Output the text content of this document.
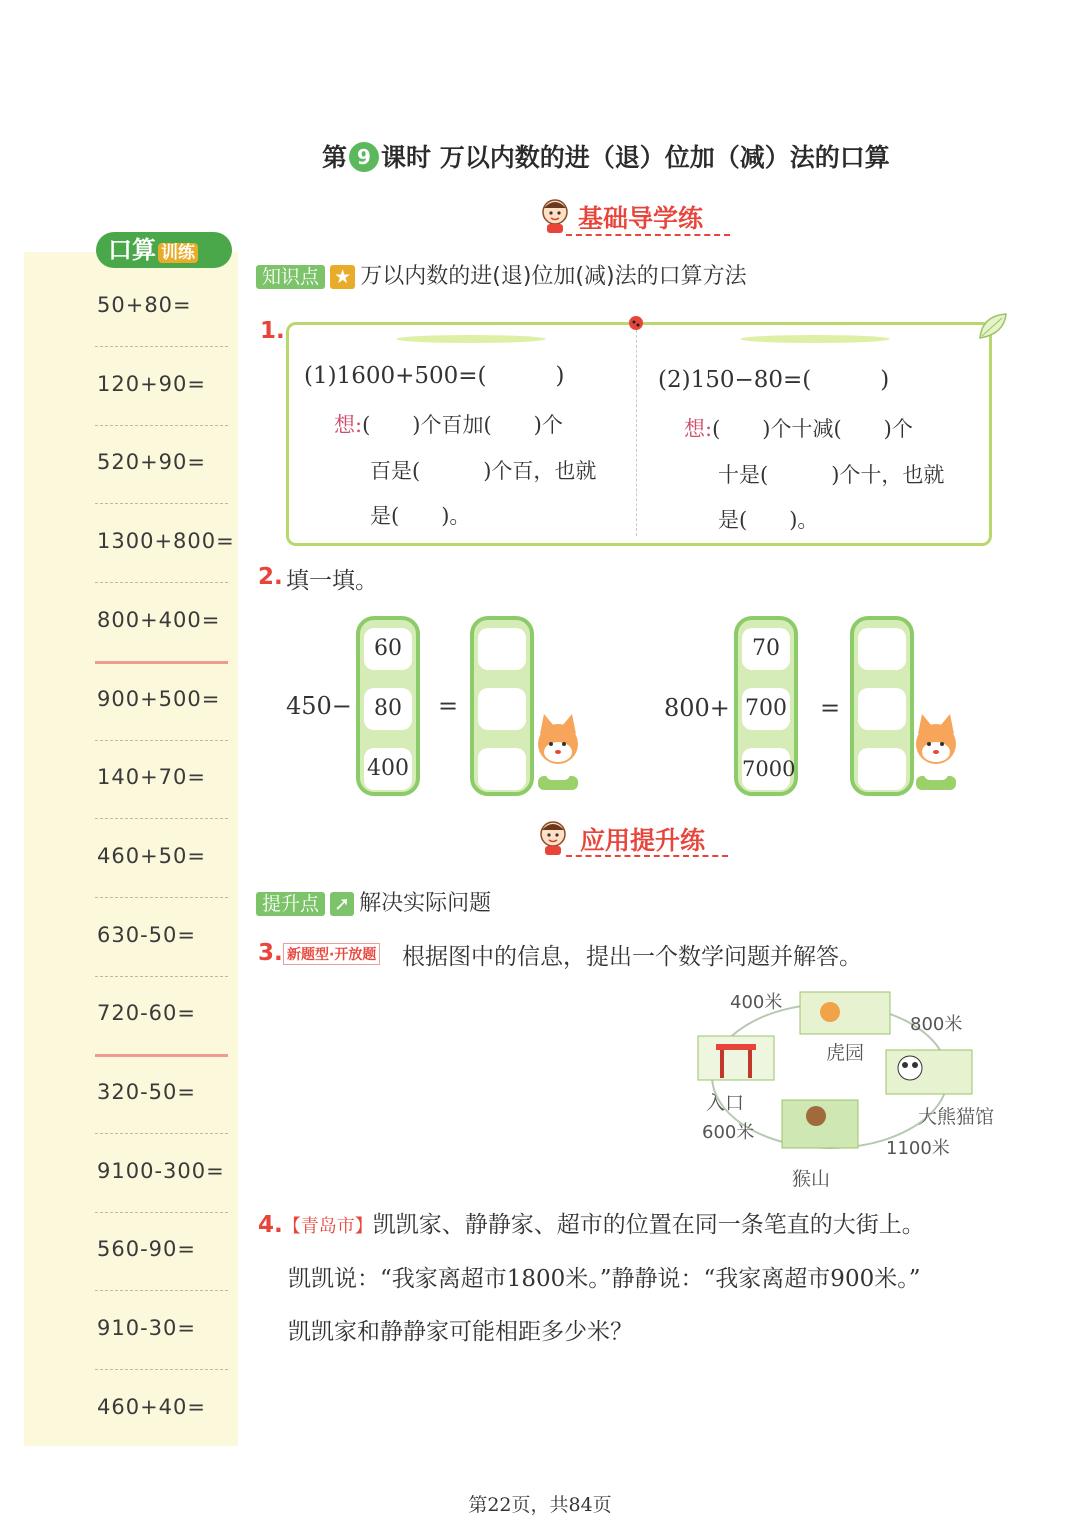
第 9 课时 万以内数的进（退）位加（减）法的口算
基础导学练
口算 训练
50+80=
120+90=
520+90=
1300+800=
800+400=
900+500=
140+70=
460+50=
630-50=
720-60=
320-50=
9100-300=
560-90=
910-30=
460+40=
知识点 ★ 万以内数的进(退)位加(减)法的口算方法
1.
(1)1600+500=(　　　)
想:(　　)个百加(　　)个
百是(　　　)个百，也就
是(　　)。
(2)150−80=(　　　)
想:(　　)个十减(　　)个
十是(　　　)个十，也就
是(　　)。
2. 填一填。
450−
60
80
400
=	800+
70
700
7000
=
应用提升练
提升点 ➚ 解决实际问题
3. 新题型·开放题 根据图中的信息，提出一个数学问题并解答。
400米
800米
600米
1100米
虎园
入口
大熊猫馆
猴山
4.【青岛市】凯凯家、静静家、超市的位置在同一条笔直的大街上。
凯凯说：“我家离超市1800米。”静静说：“我家离超市900米。”
凯凯家和静静家可能相距多少米？
第22页，共84页
